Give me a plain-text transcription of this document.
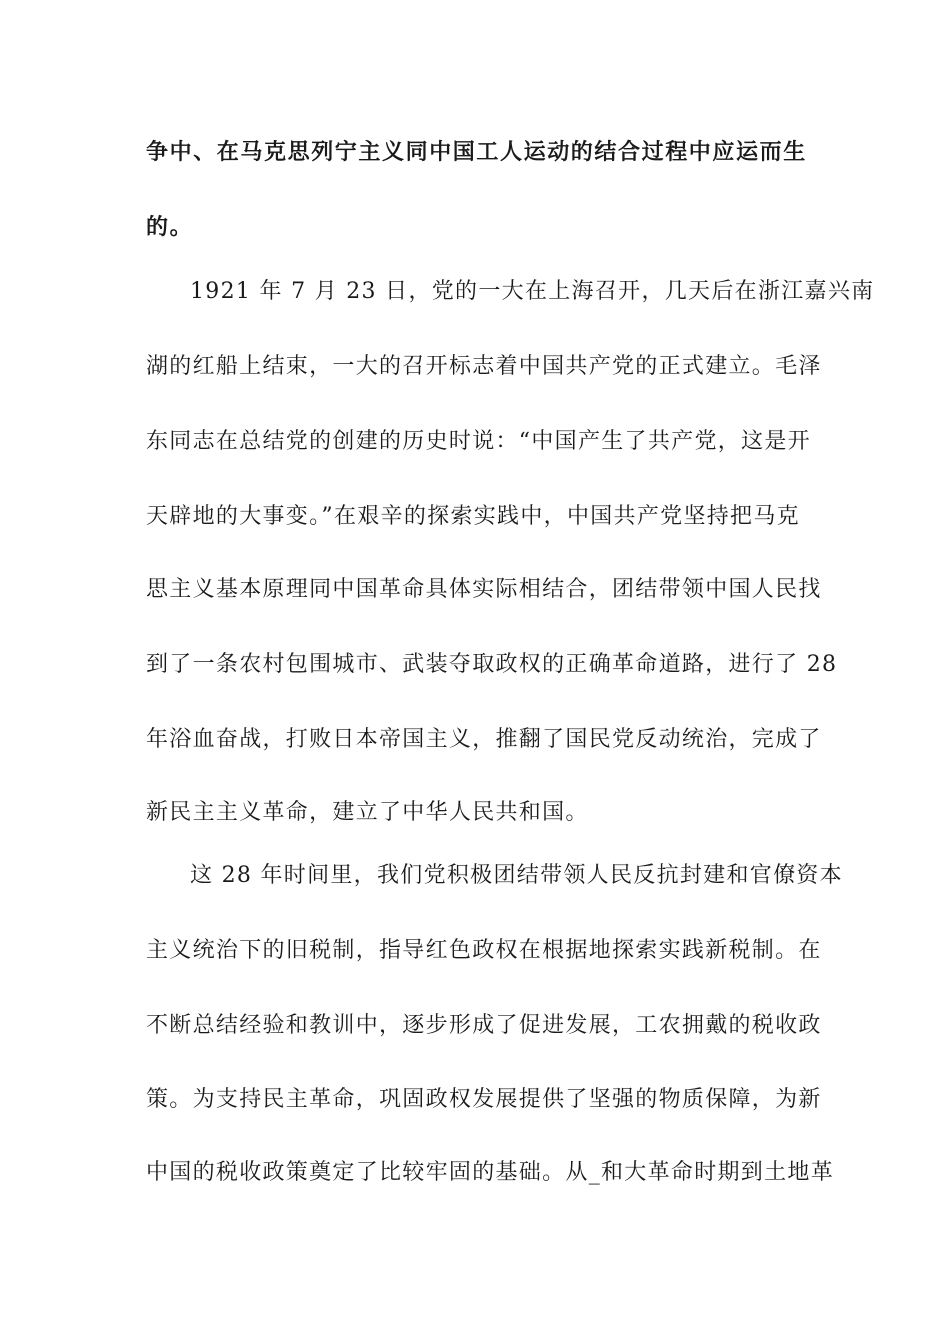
争中、在马克思列宁主义同中国工人运动的结合过程中应运而生
的。
1921 年 7 月 23 日，党的一大在上海召开，几天后在浙江嘉兴南
湖的红船上结束，一大的召开标志着中国共产党的正式建立。毛泽
东同志在总结党的创建的历史时说：“中国产生了共产党，这是开
天辟地的大事变。”在艰辛的探索实践中，中国共产党坚持把马克
思主义基本原理同中国革命具体实际相结合，团结带领中国人民找
到了一条农村包围城市、武装夺取政权的正确革命道路，进行了 28
年浴血奋战，打败日本帝国主义，推翻了国民党反动统治，完成了
新民主主义革命，建立了中华人民共和国。
这 28 年时间里，我们党积极团结带领人民反抗封建和官僚资本
主义统治下的旧税制，指导红色政权在根据地探索实践新税制。在
不断总结经验和教训中，逐步形成了促进发展，工农拥戴的税收政
策。为支持民主革命，巩固政权发展提供了坚强的物质保障，为新
中国的税收政策奠定了比较牢固的基础。从_和大革命时期到土地革
